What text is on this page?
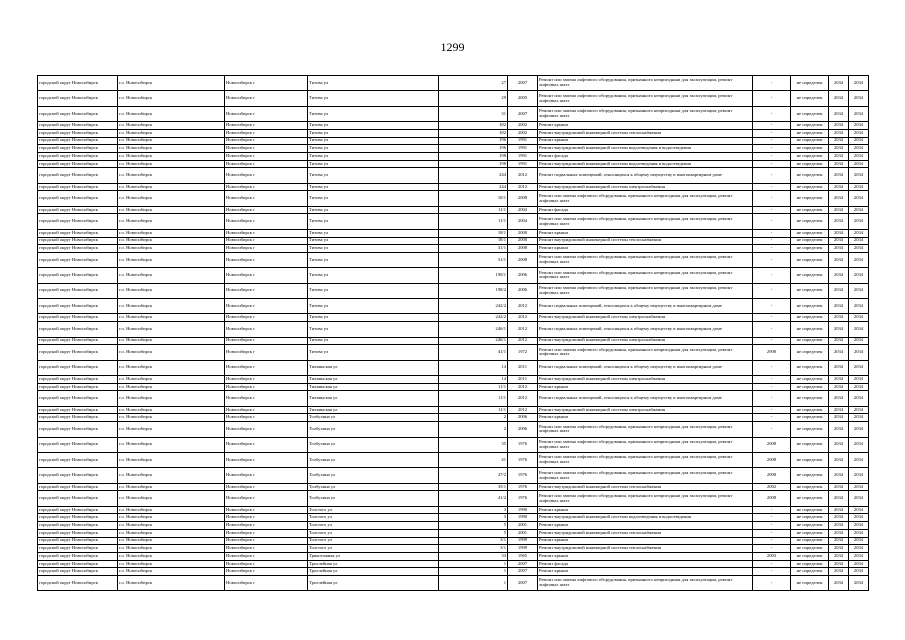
1299
городской округ Новосибирск	г.о. Новосибирск	Новосибирск г	Титова ул	27	2007	Ремонт или замена лифтового оборудования, признанного непригодным для эксплуатации, ремонт лифтовых шахт	-	не определен	2034	2034
городской округ Новосибирск	г.о. Новосибирск	Новосибирск г	Титова ул	29	2005	Ремонт или замена лифтового оборудования, признанного непригодным для эксплуатации, ремонт лифтовых шахт	-	не определен	2034	2034
городской округ Новосибирск	г.о. Новосибирск	Новосибирск г	Титова ул	31	2007	Ремонт или замена лифтового оборудования, признанного непригодным для эксплуатации, ремонт лифтовых шахт	-	не определен	2034	2034
городской округ Новосибирск	г.о. Новосибирск	Новосибирск г	Титова ул	182	2002	Ремонт крыши	-	не определен	2034	2034
городской округ Новосибирск	г.о. Новосибирск	Новосибирск г	Титова ул	182	2002	Ремонт внутридомовой инженерной системы теплоснабжения	-	не определен	2034	2034
городской округ Новосибирск	г.о. Новосибирск	Новосибирск г	Титова ул	196	1991	Ремонт крыши	-	не определен	2034	2034
городской округ Новосибирск	г.о. Новосибирск	Новосибирск г	Титова ул	196	1991	Ремонт внутридомовой инженерной системы водоотведения и водоотведения	-	не определен	2034	2034
городской округ Новосибирск	г.о. Новосибирск	Новосибирск г	Титова ул	198	1991	Ремонт фасада	-	не определен	2034	2034
городской округ Новосибирск	г.о. Новосибирск	Новосибирск г	Титова ул	198	1991	Ремонт внутридомовой инженерной системы водоотведения и водоотведения	-	не определен	2034	2034
городской округ Новосибирск	г.о. Новосибирск	Новосибирск г	Титова ул	244	2012	Ремонт подвальных помещений, относящихся к общему имуществу в многоквартирном доме	-	не определен	2034	2034
городской округ Новосибирск	г.о. Новосибирск	Новосибирск г	Титова ул	244	2012	Ремонт внутридомовой инженерной системы электроснабжения	-	не определен	2034	2034
городской округ Новосибирск	г.о. Новосибирск	Новосибирск г	Титова ул	10/1	2008	Ремонт или замена лифтового оборудования, признанного непригодным для эксплуатации, ремонт лифтовых шахт	-	не определен	2034	2034
городской округ Новосибирск	г.о. Новосибирск	Новосибирск г	Титова ул	11/1	2004	Ремонт фасада	-	не определен	2034	2034
городской округ Новосибирск	г.о. Новосибирск	Новосибирск г	Титова ул	11/1	2004	Ремонт или замена лифтового оборудования, признанного непригодным для эксплуатации, ремонт лифтовых шахт	-	не определен	2034	2034
городской округ Новосибирск	г.о. Новосибирск	Новосибирск г	Титова ул	18/1	2000	Ремонт крыши	-	не определен	2034	2034
городской округ Новосибирск	г.о. Новосибирск	Новосибирск г	Титова ул	18/1	2000	Ремонт внутридомовой инженерной системы теплоснабжения	-	не определен	2034	2034
городской округ Новосибирск	г.о. Новосибирск	Новосибирск г	Титова ул	31/1	2008	Ремонт крыши	-	не определен	2034	2034
городской округ Новосибирск	г.о. Новосибирск	Новосибирск г	Титова ул	31/1	2008	Ремонт или замена лифтового оборудования, признанного непригодным для эксплуатации, ремонт лифтовых шахт	-	не определен	2034	2034
городской округ Новосибирск	г.о. Новосибирск	Новосибирск г	Титова ул	190/1	2006	Ремонт или замена лифтового оборудования, признанного непригодным для эксплуатации, ремонт лифтовых шахт	-	не определен	2034	2034
городской округ Новосибирск	г.о. Новосибирск	Новосибирск г	Титова ул	198/2	2006	Ремонт или замена лифтового оборудования, признанного непригодным для эксплуатации, ремонт лифтовых шахт	-	не определен	2034	2034
городской округ Новосибирск	г.о. Новосибирск	Новосибирск г	Титова ул	242/2	2012	Ремонт подвальных помещений, относящихся к общему имуществу в многоквартирном доме	-	не определен	2034	2034
городской округ Новосибирск	г.о. Новосибирск	Новосибирск г	Титова ул	242/2	2012	Ремонт внутридомовой инженерной системы электроснабжения	-	не определен	2034	2034
городской округ Новосибирск	г.о. Новосибирск	Новосибирск г	Титова ул	246/1	2012	Ремонт подвальных помещений, относящихся к общему имуществу в многоквартирном доме	-	не определен	2034	2034
городской округ Новосибирск	г.о. Новосибирск	Новосибирск г	Титова ул	246/1	2012	Ремонт внутридомовой инженерной системы электроснабжения	-	не определен	2034	2034
городской округ Новосибирск	г.о. Новосибирск	Новосибирск г	Титова ул	41/1	1972	Ремонт или замена лифтового оборудования, признанного непригодным для эксплуатации, ремонт лифтовых шахт	2908	не определен	2034	2034
городской округ Новосибирск	г.о. Новосибирск	Новосибирск г	Тихвинская ул	14	2011	Ремонт подвальных помещений, относящихся к общему имуществу в многоквартирном доме	-	не определен	2034	2034
городской округ Новосибирск	г.о. Новосибирск	Новосибирск г	Тихвинская ул	14	2011	Ремонт внутридомовой инженерной системы электроснабжения	-	не определен	2034	2034
городской округ Новосибирск	г.о. Новосибирск	Новосибирск г	Тихвинская ул	11/1	2012	Ремонт крыши	-	не определен	2034	2034
городской округ Новосибирск	г.о. Новосибирск	Новосибирск г	Тихвинская ул	11/1	2012	Ремонт подвальных помещений, относящихся к общему имуществу в многоквартирном доме	-	не определен	2034	2034
городской округ Новосибирск	г.о. Новосибирск	Новосибирск г	Тихвинская ул	11/1	2012	Ремонт внутридомовой инженерной системы электроснабжения	-	не определен	2034	2034
городской округ Новосибирск	г.о. Новосибирск	Новосибирск г	Толбухина ул	2	2006	Ремонт крыши	-	не определен	2034	2034
городской округ Новосибирск	г.о. Новосибирск	Новосибирск г	Толбухина ул	2	2006	Ремонт или замена лифтового оборудования, признанного непригодным для эксплуатации, ремонт лифтовых шахт	-	не определен	2034	2034
городской округ Новосибирск	г.о. Новосибирск	Новосибирск г	Толбухина ул	35	1976	Ремонт или замена лифтового оборудования, признанного непригодным для эксплуатации, ремонт лифтовых шахт	2008	не определен	2034	2034
городской округ Новосибирск	г.о. Новосибирск	Новосибирск г	Толбухина ул	41	1976	Ремонт или замена лифтового оборудования, признанного непригодным для эксплуатации, ремонт лифтовых шахт	2008	не определен	2034	2034
городской округ Новосибирск	г.о. Новосибирск	Новосибирск г	Толбухина ул	27/2	1976	Ремонт или замена лифтового оборудования, признанного непригодным для эксплуатации, ремонт лифтовых шахт	2008	не определен	2034	2034
городской округ Новосибирск	г.о. Новосибирск	Новосибирск г	Толбухина ул	35/1	1976	Ремонт внутридомовой инженерной системы теплоснабжения	2002	не определен	2034	2034
городской округ Новосибирск	г.о. Новосибирск	Новосибирск г	Толбухина ул	41/2	1976	Ремонт или замена лифтового оборудования, признанного непригодным для эксплуатации, ремонт лифтовых шахт	2008	не определен	2034	2034
городской округ Новосибирск	г.о. Новосибирск	Новосибирск г	Толстого ул	3	1990	Ремонт крыши	-	не определен	2034	2034
городской округ Новосибирск	г.о. Новосибирск	Новосибирск г	Толстого ул	3	1990	Ремонт внутридомовой инженерной системы водоотведения и водоотведения	-	не определен	2034	2034
городской округ Новосибирск	г.о. Новосибирск	Новосибирск г	Толстого ул	5	2001	Ремонт крыши	-	не определен	2034	2034
городской округ Новосибирск	г.о. Новосибирск	Новосибирск г	Толстого ул	5	2001	Ремонт внутридомовой инженерной системы теплоснабжения	-	не определен	2034	2034
городской округ Новосибирск	г.о. Новосибирск	Новосибирск г	Толстого ул	3/1	1999	Ремонт крыши	-	не определен	2034	2034
городской округ Новосибирск	г.о. Новосибирск	Новосибирск г	Толстого ул	3/1	1999	Ремонт внутридомовой инженерной системы теплоснабжения	-	не определен	2034	2034
городской округ Новосибирск	г.о. Новосибирск	Новосибирск г	Трикотажная ул	33	1965	Ремонт крыши	2003	не определен	2034	2034
городской округ Новосибирск	г.о. Новосибирск	Новосибирск г	Троллейная ул	1	2007	Ремонт фасада	-	не определен	2034	2034
городской округ Новосибирск	г.о. Новосибирск	Новосибирск г	Троллейная ул	1	2007	Ремонт крыши	-	не определен	2034	2034
городской округ Новосибирск	г.о. Новосибирск	Новосибирск г	Троллейная ул	1	2007	Ремонт или замена лифтового оборудования, признанного непригодным для эксплуатации, ремонт лифтовых шахт	-	не определен	2034	2034
